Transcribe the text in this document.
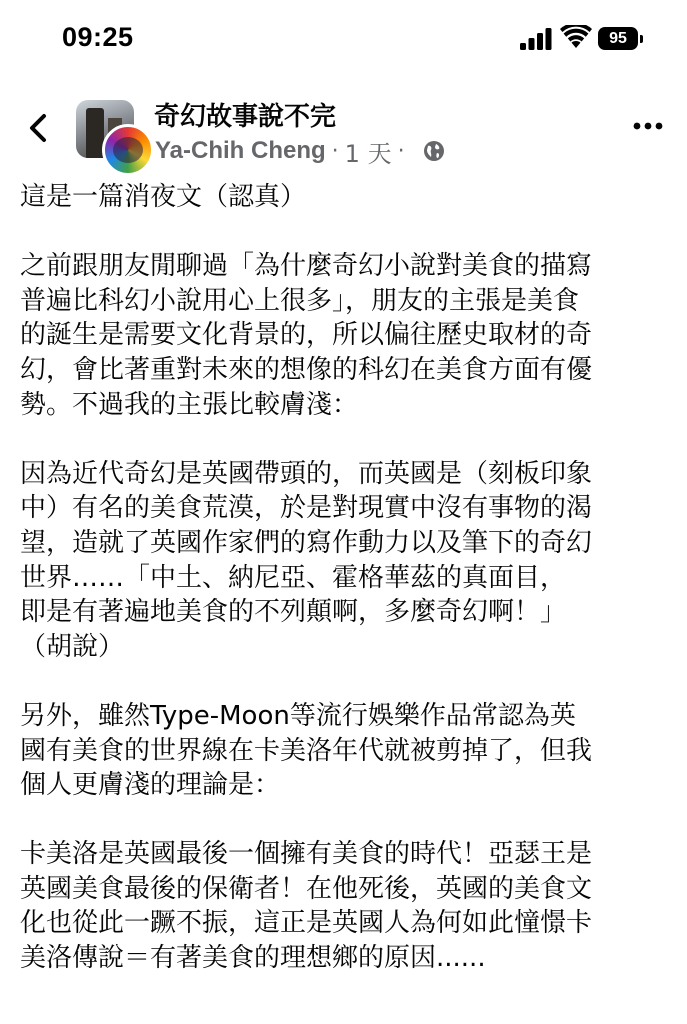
09:25	95
奇幻故事說不完
Ya-Chih Cheng · 1 天 ·

這是一篇消夜文（認真）

之前跟朋友閒聊過「為什麼奇幻小說對美食的描寫
普遍比科幻小說用心上很多」，朋友的主張是美食
的誕生是需要文化背景的，所以偏往歷史取材的奇
幻，會比著重對未來的想像的科幻在美食方面有優
勢。不過我的主張比較膚淺：

因為近代奇幻是英國帶頭的，而英國是（刻板印象
中）有名的美食荒漠，於是對現實中沒有事物的渴
望，造就了英國作家們的寫作動力以及筆下的奇幻
世界……「中土、納尼亞、霍格華茲的真面目，
即是有著遍地美食的不列顛啊，多麼奇幻啊！」
（胡說）

另外，雖然Type-Moon等流行娛樂作品常認為英
國有美食的世界線在卡美洛年代就被剪掉了，但我
個人更膚淺的理論是：

卡美洛是英國最後一個擁有美食的時代！亞瑟王是
英國美食最後的保衛者！在他死後，英國的美食文
化也從此一蹶不振，這正是英國人為何如此憧憬卡
美洛傳說＝有著美食的理想鄉的原因......
